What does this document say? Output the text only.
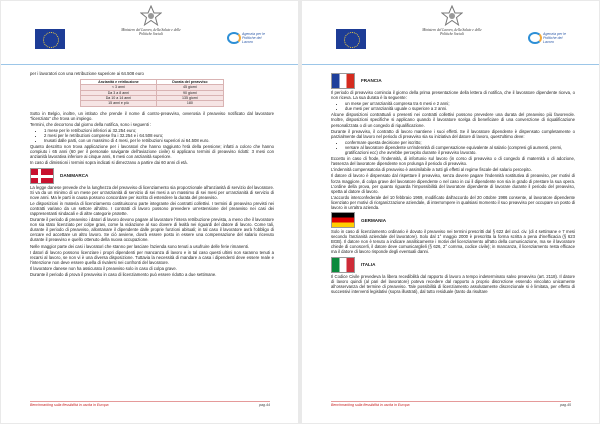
Ministero del Lavoro, della Salute e delle Politiche Sociali	Agenzia per le Politiche del Lavoro

per i lavoratori con una retribuzione superiore ai 64.508 euro

Anzianità e retribuzione	Durata del preavviso
< 3 anni	45 giorni
Da 3 a 8 anni	90 giorni
Da 10 a 14 anni	135 giorni
15 anni e più	180

Sotto in Belgio, inoltre, un istituto che prende il nome di contro-preavviso, ovverosia il preavviso notificato dal lavoratore "licenziato" che trova un impiego.

Termini, che decorrono dal giorno della notifica, sono i seguenti :

• 1 mese per le retribuzioni inferiori ai 32.254 euro;
• 2 mesi per le retribuzioni comprese fra i 32.254 e i 64.508 euro;
• Inusati dalle parti, con un massimo di 4 mesi, per le retribuzioni superiori ai 64.508 euro.

Quanto descritto non trova applicazione per i lavoratori che hanno raggiunto l'età della pensione; infatti a coloro che hanno compiuto i 65 anni (60 per il personale navigante dell'aviazione civile) si applicano termini di preavviso ridotti: 3 mesi con anzianità lavorativa inferiore ai cinque anni, 6 mesi con anzianità superiore.

In caso di dimissioni i termini sopra indicati si dimezzano a partire dai 60 anni di età.

DANIMARCA

La legge danese prevede che la lunghezza del preavviso di licenziamento sia proporzionale all'anzianità di servizio del lavoratore. Si va da un minimo di un mese per un'anzianità di servizio di sei mesi a un massimo di sei mesi per un'anzianità di servizio di nove anni. Ma le parti in causa possono concordare per iscritto di estendere la durata del preavviso.

Le disposizioni in materia di licenziamento costituiscono parte integrante dei contratti collettivi. I termini di preavviso previsti nei contratti variano da un settore all'altro. I contratti di lavoro possono prevedere un'estensione del preavviso nei casi dei rappresentanti sindacali e di altre categorie protette.

Durante il periodo di preavviso i datori di lavoro devono pagare al lavoratore l'intera retribuzione prevista, a meno che il lavoratore non sia stato licenziato per colpe gravi, come la violazione al suo dovere di lealtà nei riguardi del datore di lavoro. Come tali, durante il periodo di preavviso, allontanare il dipendente dalle proprie funzioni abituali; in tal caso il lavoratore avrà l'obbligo di cercare ed accettare un altro lavoro. Se ciò avviene, dovrà essere posto in essere una compensazione del salario ricevuto durante il preavviso e quello ottenuto della nuova occupazione.

Nelle maggior parte dei casi i lavoratori che stanno per lasciare l'azienda sono tenuti a usufruire delle ferie rimanenti.

I datori di lavoro possono licenziare i propri dipendenti per mancanza di lavoro e in tal caso questi ultimi non saranno tenuti a recarsi al lavoro, se non vi è una diversa disposizione. Tuttavia la necessità di mandare a casa i dipendenti deve essere reale e l'intenzione non deve essere quella di rivalersi nei confronti del lavoratore.

Il lavoratore danese non ha assicurato il preavviso solo in caso di colpa grave.

Durante il periodo di prova il preavviso in caso di licenziamento può essere ridotto a due settimane.

Benchmarking sulla flessibilità in uscita in Europa	pag.44
Ministero del Lavoro, della Salute e delle Politiche Sociali	Agenzia per le Politiche del Lavoro
FRANCIA

Il periodo di preavviso comincia il giorno della prima presentazione della lettera di notifica, che il lavoratore dipendente riceva, o non riceva. La sua durata è la seguente:

• un mese per un'anzianità compresa tra 6 mesi e 2 anni;
• due mesi per un'anzianità uguale o superiore a 2 anni.

Alcune disposizioni contrattuali o presenti nei contratti collettivi possono prevedere una durata del preavviso più favorevole. Inoltre, disposizioni specifiche si applicano quando il lavoratore scelga di beneficiare di una convenzione di riqualificazione personalizzata o di un congedo di riqualificazione.

Durante il preavviso, il contratto di lavoro mantiene i suoi effetti. Se il lavoratore dipendente è dispensato completamente o parzialmente dal lavoro nel periodo di preavviso sia su iniziativa del datore di lavoro, quest'ultimo deve:

• confermare questa decisione per iscritto;
• versare al lavoratore dipendente un'indennità di compensazione equivalente al salario (compresi gli aumenti, premi, gratificazioni ecc) che avrebbe percepito durante il preavviso lavorato.

Eccetto in caso di frode, l'indennità, di infortunio sul lavoro (in corso di preavviso o di congedo di maternità o di adozione, l'assenza del lavoratore dipendente non prolunga il periodo di preavviso.

L'indennità compensatoria di preavviso è assimilabile a tutti gli effetti al regime fiscale del salario percepito.

Il datore di lavoro è dispensato dal rispettare il preavviso, senza dovere pagare l'indennità sostitutiva di preavviso, per motivi di forza maggiore, di colpa grave del lavoratore dipendente o nel caso in cui il dipendente non sia in grado di prestare la sua opera. L'ordine della prova, per quanto riguarda l'impossibilità del lavoratore dipendente di lavorare durante il periodo del preavviso, spetta al datore di lavoro.

L'accordo interconfederale del 10 febbraio 1969, modificato dall'accordo del 20 ottobre 1986 consente, al lavoratore dipendente licenziato per motivi di riorganizzazione aziendale, di interrompere in qualsiasi momento il suo preavviso per occupare un posto di lavoro in un'altra azienda.

GERMANIA

Solo in caso di licenziamento ordinario è dovuto il preavviso nei termini prescritti dal § 622 del cod. civ. (di 4 settimane e 7 mesi secondo l'anzianità aziendale del lavoratore). Solo dal 1° maggio 2000 è prescritta la forma scritta a pena d'inefficacia (§ 623 BGB). Il datore non è tenuto a indicare analiticamente i motivi del licenziamento all'atto della comunicazione, ma se il lavoratore chiede di conoscerli, il datore deve comunicarglieli (§ 626, 2° comma, codice civile); in mancanza, il licenziamento resta efficace ma il datore di lavoro risponde degli eventuali danni.

ITALIA

Il Codice Civile prevedeva la libera recedibilità dal rapporto di lavoro a tempo indeterminato salvo preavviso (art. 2118). Il datore di lavoro quindi (al pari del lavoratore) poteva recedere dal rapporto a proprio discrezione essendo vincolato unicamente all'osservanza del termine di preavviso. Tale possibilità di licenziamento assolutamente discrezionale si è limitata, per effetto di successivi interventi legislativi (sopra illustrati), dal tutto residuale (tanto da risultare

Benchmarking sulla flessibilità in uscita in Europa	pag.45
